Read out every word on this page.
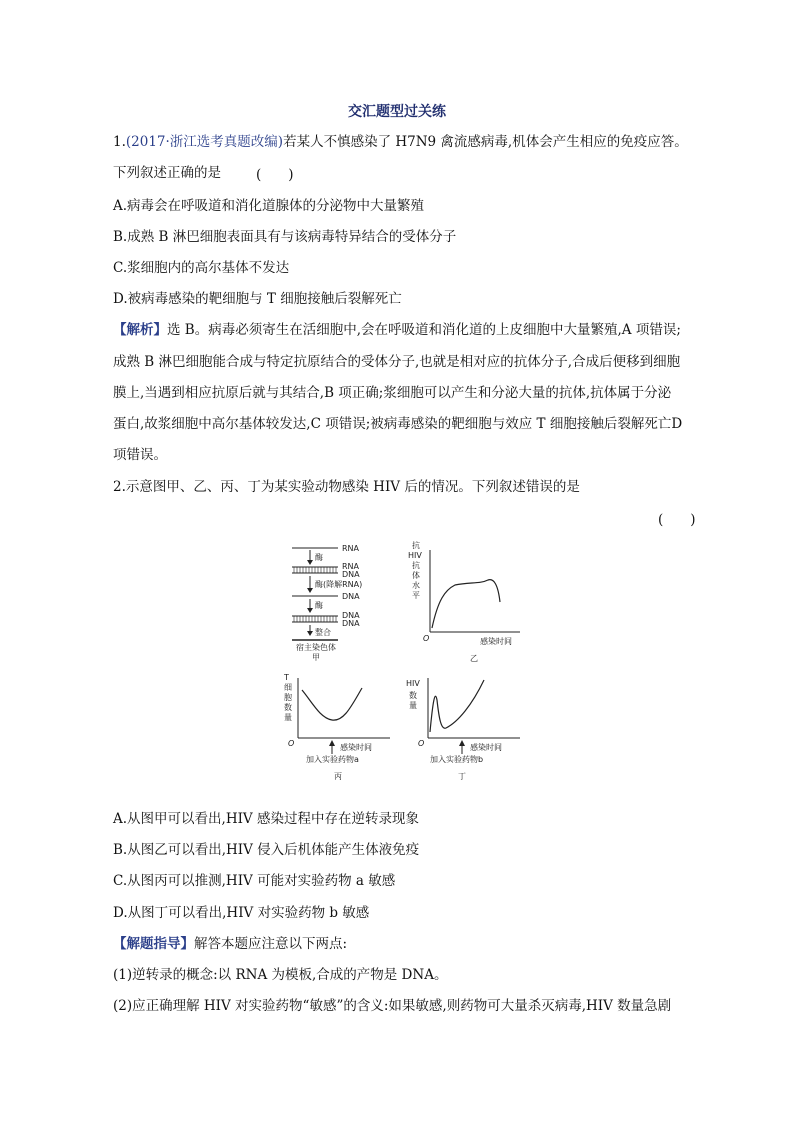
交汇题型过关练
1.(2017·浙江选考真题改编)若某人不慎感染了 H7N9 禽流感病毒,机体会产生相应的免疫应答。
下列叙述正确的是	(　　)
A.病毒会在呼吸道和消化道腺体的分泌物中大量繁殖
B.成熟 B 淋巴细胞表面具有与该病毒特异结合的受体分子
C.浆细胞内的高尔基体不发达
D.被病毒感染的靶细胞与 T 细胞接触后裂解死亡
【解析】选 B。病毒必须寄生在活细胞中,会在呼吸道和消化道的上皮细胞中大量繁殖,A 项错误;
成熟 B 淋巴细胞能合成与特定抗原结合的受体分子,也就是相对应的抗体分子,合成后便移到细胞
膜上,当遇到相应抗原后就与其结合,B 项正确;浆细胞可以产生和分泌大量的抗体,抗体属于分泌
蛋白,故浆细胞中高尔基体较发达,C 项错误;被病毒感染的靶细胞与效应 T 细胞接触后裂解死亡D
项错误。
2.示意图甲、乙、丙、丁为某实验动物感染 HIV 后的情况。下列叙述错误的是
(　　)
RNA
酶
RNA
DNA
酶(降解RNA)
DNA
酶
DNA
DNA
整合
宿主染色体
甲
抗
HIV
抗
体
水
平
O	感染时间
乙
T
细
胞
数
量
O	感染时间
加入实验药物a
丙
HIV
数
量
O	感染时间
加入实验药物b
丁
A.从图甲可以看出,HIV 感染过程中存在逆转录现象
B.从图乙可以看出,HIV 侵入后机体能产生体液免疫
C.从图丙可以推测,HIV 可能对实验药物 a 敏感
D.从图丁可以看出,HIV 对实验药物 b 敏感
【解题指导】解答本题应注意以下两点:
(1)逆转录的概念:以 RNA 为模板,合成的产物是 DNA。
(2)应正确理解 HIV 对实验药物“敏感”的含义:如果敏感,则药物可大量杀灭病毒,HIV 数量急剧
